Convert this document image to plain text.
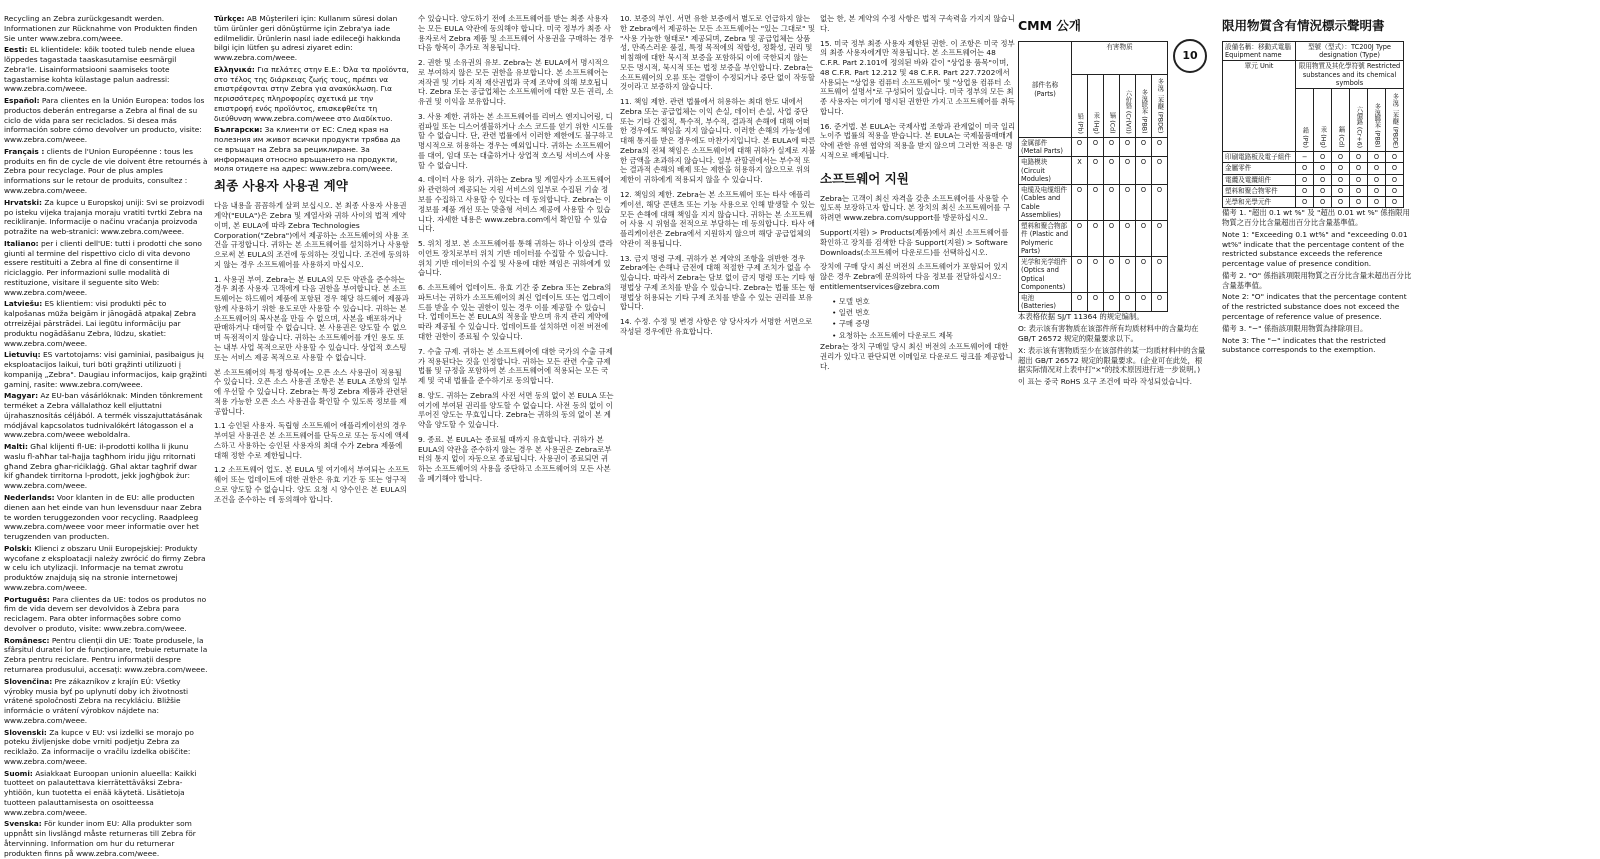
Recycling an Zebra zurückgesandt werden. Informationen zur Rücknahme von Produkten finden Sie unter www.zebra.com/weee.

Eesti: EL klientidele: kõik tooted tuleb nende eluea lõppedes tagastada taaskasutamise eesmärgil Zebra'le. Lisainformatsiooni saamiseks toote tagastamise kohta külastage palun aadressi: www.zebra.com/weee.

Español: Para clientes en la Unión Europea: todos los productos deberán entregarse a Zebra al final de su ciclo de vida para ser reciclados. Si desea más información sobre cómo devolver un producto, visite: www.zebra.com/weee.

Français : clients de l'Union Européenne : tous les produits en fin de cycle de vie doivent être retournés à Zebra pour recyclage. Pour de plus amples informations sur le retour de produits, consultez : www.zebra.com/weee.

Hrvatski: Za kupce u Europskoj uniji: Svi se proizvodi po isteku vijeka trajanja moraju vratiti tvrtki Zebra na recikliranje. Informacije o načinu vraćanja proizvoda potražite na web-stranici: www.zebra.com/weee.

Italiano: per i clienti dell'UE: tutti i prodotti che sono giunti al termine del rispettivo ciclo di vita devono essere restituiti a Zebra al fine di consentirne il riciclaggio. Per informazioni sulle modalità di restituzione, visitare il seguente sito Web: www.zebra.com/weee.

Latviešu: ES klientiem: visi produkti pēc to kalpošanas mūža beigām ir jānogādā atpakaļ Zebra otrreizējai pārstrādei. Lai iegūtu informāciju par produktu nogādāšanu Zebra, lūdzu, skatiet: www.zebra.com/weee.

Lietuvių: ES vartotojams: visi gaminiai, pasibaigus jų eksploatacijos laikui, turi būti grąžinti utilizuoti į kompaniją „Zebra". Daugiau informacijos, kaip grąžinti gaminį, rasite: www.zebra.com/weee.

Magyar: Az EU-ban vásárlóknak: Minden tönkrement terméket a Zebra vállalathoz kell eljuttatni újrahasznosítás céljából. A termék visszajuttatásának módjával kapcsolatos tudnivalókért látogasson el a www.zebra.com/weee weboldalra.

Malti: Għal klijenti fl-UE: il-prodotti kollha li jkunu waslu fl-aħħar tal-ħajja tagħhom iridu jiġu rritornati għand Zebra għar-riċiklaġġ. Għal aktar tagħrif dwar kif għandek tirritorna l-prodott, jekk jogħġbok żur: www.zebra.com/weee.

Nederlands: Voor klanten in de EU: alle producten dienen aan het einde van hun levensduur naar Zebra te worden teruggezonden voor recycling. Raadpleeg www.zebra.com/weee voor meer informatie over het terugzenden van producten.

Polski: Klienci z obszaru Unii Europejskiej: Produkty wycofane z eksploatacji należy zwrócić do firmy Zebra w celu ich utylizacji. Informacje na temat zwrotu produktów znajdują się na stronie internetowej www.zebra.com/weee.

Português: Para clientes da UE: todos os produtos no fim de vida devem ser devolvidos à Zebra para reciclagem. Para obter informações sobre como devolver o produto, visite: www.zebra.com/weee.

Românesc: Pentru clienții din UE: Toate produsele, la sfârșitul duratei lor de funcționare, trebuie returnate la Zebra pentru reciclare. Pentru informații despre returnarea produsului, accesați: www.zebra.com/weee.

Slovenčina: Pre zákazníkov z krajín EÚ: Všetky výrobky musia byť po uplynutí doby ich životnosti vrátené spoločnosti Zebra na recykláciu. Bližšie informácie o vrátení výrobkov nájdete na: www.zebra.com/weee.

Slovenski: Za kupce v EU: vsi izdelki se morajo po poteku življenjske dobe vrniti podjetju Zebra za reciklažo. Za informacije o vračilu izdelka obiščite: www.zebra.com/weee.

Suomi: Asiakkaat Euroopan unionin alueella: Kaikki tuotteet on palautettava kierrätettäväksi Zebra-yhtiöön, kun tuotetta ei enää käytetä. Lisätietoja tuotteen palauttamisesta on osoitteessa www.zebra.com/weee.

Svenska: För kunder inom EU: Alla produkter som uppnått sin livslängd måste returneras till Zebra för återvinning. Information om hur du returnerar produkten finns på www.zebra.com/weee.

Türkçe: AB Müşterileri için: Kullanım süresi dolan tüm ürünler geri dönüştürme için Zebra'ya iade edilmelidir. Ürünlerin nasıl iade edileceği hakkında bilgi için lütfen şu adresi ziyaret edin: www.zebra.com/weee.

Ελληνικά: Για πελάτες στην Ε.Ε.: Όλα τα προϊόντα, στο τέλος της διάρκειας ζωής τους, πρέπει να επιστρέφονται στην Zebra για ανακύκλωση. Για περισσότερες πληροφορίες σχετικά με την επιστροφή ενός προϊόντος, επισκεφθείτε τη διεύθυνση www.zebra.com/weee στο Διαδίκτυο.

Български: За клиенти от ЕС: След края на полезния им живот всички продукти трябва да се връщат на Zebra за рециклиране. За информация относно връщането на продукти, моля отидете на адрес: www.zebra.com/weee.

최종 사용자 사용권 계약

다음 내용을 꼼꼼하게 살펴 보십시오. 본 최종 사용자 사용권 계약("EULA")은 Zebra 및 계열사와 귀하 사이의 법적 계약이며, 본 EULA에 따라 Zebra Technologies Corporation("Zebra")에서 제공하는 소프트웨어의 사용 조건을 규정합니다. 귀하는 본 소프트웨어를 설치하거나 사용함으로써 본 EULA의 조건에 동의하는 것입니다. 조건에 동의하지 않는 경우 소프트웨어를 사용하지 마십시오.

1. 사용권 부여. Zebra는 본 EULA의 모든 약관을 준수하는 경우 최종 사용자 고객에게 다음 권한을 부여합니다. 본 소프트웨어는 하드웨어 제품에 포함된 경우 해당 하드웨어 제품과 함께 사용하기 위한 용도로만 사용할 수 있습니다. 귀하는 본 소프트웨어의 복사본을 만들 수 없으며, 사본을 배포하거나 판매하거나 대여할 수 없습니다. 본 사용권은 양도할 수 없으며 독점적이지 않습니다. 귀하는 소프트웨어를 개인 용도 또는 내부 사업 목적으로만 사용할 수 있습니다. 상업적 호스팅 또는 서비스 제공 목적으로 사용할 수 없습니다.

본 소프트웨어의 특정 항목에는 오픈 소스 사용권이 적용될 수 있습니다. 오픈 소스 사용권 조항은 본 EULA 조항의 일부에 우선할 수 있습니다. Zebra는 특정 Zebra 제품과 관련된 적용 가능한 오픈 소스 사용권을 확인할 수 있도록 정보를 제공합니다.

1.1 승인된 사용자. 독립형 소프트웨어 애플리케이션의 경우 부여된 사용권은 본 소프트웨어를 단독으로 또는 동시에 액세스하고 사용하는 승인된 사용자의 최대 수가 Zebra 제품에 대해 정한 수로 제한됩니다.

1.2 소프트웨어 업도. 본 EULA 및 여기에서 부여되는 소프트웨어 또는 업데이트에 대한 권한은 유효 기간 동 또는 영구적으로 양도할 수 없습니다. 양도 요청 시 양수인은 본 EULA의 조건을 준수하는 데 동의해야 합니다.

수 있습니다. 양도하기 전에 소프트웨어를 받는 최종 사용자는 모든 EULA 약관에 동의해야 합니다. 미국 정부가 최종 사용자로서 Zebra 제품 및 소프트웨어 사용권을 구매하는 경우 다음 항목이 추가로 적용됩니다.

2. 권한 및 소유권의 유보. Zebra는 본 EULA에서 명시적으로 부여하지 않은 모든 권한을 유보합니다. 본 소프트웨어는 저작권 및 기타 지적 재산권법과 국제 조약에 의해 보호됩니다. Zebra 또는 공급업체는 소프트웨어에 대한 모든 권리, 소유권 및 이익을 보유합니다.

3. 사용 제한. 귀하는 본 소프트웨어를 리버스 엔지니어링, 디컴파일 또는 디스어셈블하거나 소스 코드를 얻기 위한 시도를 할 수 없습니다. 단, 관련 법률에서 이러한 제한에도 불구하고 명시적으로 허용하는 경우는 예외입니다. 귀하는 소프트웨어를 대여, 임대 또는 대출하거나 상업적 호스팅 서비스에 사용할 수 없습니다.

4. 데이터 사용 허가. 귀하는 Zebra 및 계열사가 소프트웨어와 관련하여 제공되는 지원 서비스의 일부로 수집된 기술 정보를 수집하고 사용할 수 있다는 데 동의합니다. Zebra는 이 정보를 제품 개선 또는 맞춤형 서비스 제공에 사용할 수 있습니다. 자세한 내용은 www.zebra.com에서 확인할 수 있습니다.

5. 위치 정보. 본 소프트웨어를 통해 귀하는 하나 이상의 클라이언트 장치로부터 위치 기반 데이터를 수집할 수 있습니다. 위치 기반 데이터의 수집 및 사용에 대한 책임은 귀하에게 있습니다.

6. 소프트웨어 업데이트. 유효 기간 중 Zebra 또는 Zebra의 파트너는 귀하가 소프트웨어의 최신 업데이트 또는 업그레이드를 받을 수 있는 권한이 있는 경우 이를 제공할 수 있습니다. 업데이트는 본 EULA의 적용을 받으며 유지 관리 계약에 따라 제공될 수 있습니다. 업데이트를 설치하면 이전 버전에 대한 권한이 종료될 수 있습니다.

7. 수출 규제. 귀하는 본 소프트웨어에 대한 국가의 수출 규제가 적용된다는 것을 인정합니다. 귀하는 모든 관련 수출 규제 법률 및 규정을 포함하여 본 소프트웨어에 적용되는 모든 국제 및 국내 법률을 준수하기로 동의합니다.

8. 양도. 귀하는 Zebra의 사전 서면 동의 없이 본 EULA 또는 여기에 부여된 권리를 양도할 수 없습니다. 사전 동의 없이 이루어진 양도는 무효입니다. Zebra는 귀하의 동의 없이 본 계약을 양도할 수 있습니다.

9. 종료. 본 EULA는 종료될 때까지 유효합니다. 귀하가 본 EULA의 약관을 준수하지 않는 경우 본 사용권은 Zebra로부터의 통지 없이 자동으로 종료됩니다. 사용권이 종료되면 귀하는 소프트웨어의 사용을 중단하고 소프트웨어의 모든 사본을 폐기해야 합니다.

10. 보증의 부인. 서면 유한 보증에서 별도로 언급하지 않는 한 Zebra에서 제공하는 모든 소프트웨어는 "있는 그대로" 및 "사용 가능한 형태로" 제공되며, Zebra 및 공급업체는 상품성, 만족스러운 품질, 특정 목적에의 적합성, 정확성, 권리 및 비침해에 대한 묵시적 보증을 포함하되 이에 국한되지 않는 모든 명시적, 묵시적 또는 법정 보증을 부인합니다. Zebra는 소프트웨어의 오류 또는 결함이 수정되거나 중단 없이 작동할 것이라고 보증하지 않습니다.

11. 책임 제한. 관련 법률에서 허용하는 최대 한도 내에서 Zebra 또는 공급업체는 이익 손실, 데이터 손실, 사업 중단 또는 기타 간접적, 특수적, 부수적, 결과적 손해에 대해 어떠한 경우에도 책임을 지지 않습니다. 이러한 손해의 가능성에 대해 통지를 받은 경우에도 마찬가지입니다. 본 EULA에 따른 Zebra의 전체 책임은 소프트웨어에 대해 귀하가 실제로 지불한 금액을 초과하지 않습니다. 일부 관할권에서는 부수적 또는 결과적 손해의 배제 또는 제한을 허용하지 않으므로 위의 제한이 귀하에게 적용되지 않을 수 있습니다.

12. 책임의 제한. Zebra는 본 소프트웨어 또는 타사 애플리케이션, 해당 콘텐츠 또는 기능 사용으로 인해 발생할 수 있는 모든 손해에 대해 책임을 지지 않습니다. 귀하는 본 소프트웨어 사용 시 위험을 전적으로 부담하는 데 동의합니다. 타사 애플리케이션은 Zebra에서 지원하지 않으며 해당 공급업체의 약관이 적용됩니다.

13. 금지 명령 구제. 귀하가 본 계약의 조항을 위반한 경우 Zebra에는 손해나 금전에 대해 적절한 구제 조치가 없을 수 있습니다. 따라서 Zebra는 담보 없이 금지 명령 또는 기타 형평법상 구제 조치를 받을 수 있습니다. Zebra는 법률 또는 형평법상 허용되는 기타 구제 조치를 받을 수 있는 권리를 보유합니다.

14. 수정. 수정 및 변경 사항은 양 당사자가 서명한 서면으로 작성된 경우에만 유효합니다.

없는 한, 본 계약의 수정 사항은 법적 구속력을 가지지 않습니다.

15. 미국 정부 최종 사용자 제한된 권한. 이 조항은 미국 정부의 최종 사용자에게만 적용됩니다. 본 소프트웨어는 48 C.F.R. Part 2.101에 정의된 바와 같이 "상업용 품목"이며, 48 C.F.R. Part 12.212 및 48 C.F.R. Part 227.7202에서 사용되는 "상업용 컴퓨터 소프트웨어" 및 "상업용 컴퓨터 소프트웨어 설명서"로 구성되어 있습니다. 미국 정부의 모든 최종 사용자는 여기에 명시된 권한만 가지고 소프트웨어를 취득합니다.

16. 준거법. 본 EULA는 국제사법 조항과 관계없이 미국 일리노이주 법률의 적용을 받습니다. 본 EULA는 국제물품매매계약에 관한 유엔 협약의 적용을 받지 않으며 그러한 적용은 명시적으로 배제됩니다.

소프트웨어 지원

Zebra는 고객이 최신 자격을 갖춘 소프트웨어를 사용할 수 있도록 보장하고자 합니다. 본 장치의 최신 소프트웨어를 구하려면 www.zebra.com/support를 방문하십시오.

Support(지원) > Products(제품)에서 최신 소프트웨어를 확인하고 장치를 검색한 다음 Support(지원) > Software Downloads(소프트웨어 다운로드)를 선택하십시오.

장치에 구매 당시 최신 버전의 소프트웨어가 포함되어 있지 않은 경우 Zebra에 문의하여 다음 정보를 전달하십시오: entitlementservices@zebra.com

• 모델 번호
• 일련 번호
• 구매 증명
• 요청하는 소프트웨어 다운로드 제목

Zebra는 장치 구매일 당시 최신 버전의 소프트웨어에 대한 권리가 있다고 판단되면 이메일로 다운로드 링크를 제공합니다.

CMM 公개
部件名称 (Parts)	有害物质
10					

	铅 (Pb)	汞 (Hg)	镉 (Cd)	六价铬 (Cr(VI))	多溴联苯 (PBB)	多溴二苯醚 (PBDE)
金属部件 (Metal Parts)	O	O	O	O	O	O
电路模块 (Circuit Modules)	X	O	O	O	O	O
电缆及电缆组件 (Cables and Cable Assemblies)	O	O	O	O	O	O
塑料和聚合物部件 (Plastic and Polymeric Parts)	O	O	O	O	O	O
光学和光学组件 (Optics and Optical Components)	O	O	O	O	O	O
电池 (Batteries)	O	O	O	O	O	O

本表格依据 SJ/T 11364 的规定编制。

O: 表示该有害物质在该部件所有均质材料中的含量均在 GB/T 26572 规定的限量要求以下。

X: 表示该有害物质至少在该部件的某一均质材料中的含量超出 GB/T 26572 规定的限量要求。(企业可在此处，根据实际情况对上表中打"×"的技术原因进行进一步说明。)

이 표는 중국 RoHS 요구 조건에 따라 작성되었습니다.

限用物質含有情況標示聲明書
設備名稱：移動式電腦 Equipment name	型號（型式）：TC200J Type designation (Type)					
單元 Unit	限用物質及其化學符號 Restricted substances and its chemical symbols					
	鉛 (Pb)	汞 (Hg)	鎘 (Cd)	六價鉻 (Cr+6)	多溴聯苯 (PBB)	多溴二苯醚 (PBDE)
印刷電路板及電子組件	−	O	O	O	O	O
金屬零件	O	O	O	O	O	O
電纜及電纜組件	O	O	O	O	O	O
塑料和聚合物零件	O	O	O	O	O	O
光學和光學元件	O	O	O	O	O	O

備考 1. "超出 0.1 wt %" 及 "超出 0.01 wt %" 係指限用物質之百分比含量超出百分比含量基準值。

Note 1: "Exceeding 0.1 wt%" and "exceeding 0.01 wt%" indicate that the percentage content of the restricted substance exceeds the reference percentage value of presence condition.

備考 2. "O" 係指該項限用物質之百分比含量未超出百分比含量基準值。

Note 2: "O" indicates that the percentage content of the restricted substance does not exceed the percentage of reference value of presence.

備考 3. "−" 係指該項限用物質為排除項目。

Note 3: The "−" indicates that the restricted substance corresponds to the exemption.
